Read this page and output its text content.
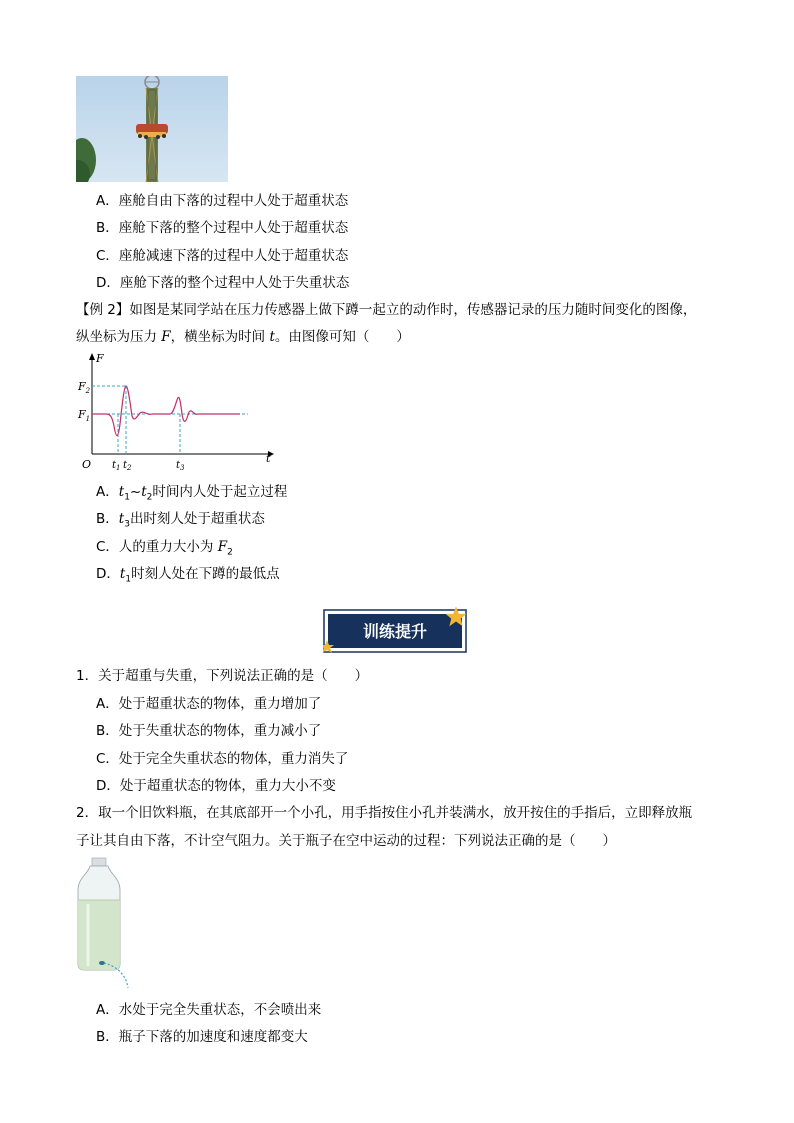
A．座舱自由下落的过程中人处于超重状态
B．座舱下落的整个过程中人处于超重状态
C．座舱减速下落的过程中人处于超重状态
D．座舱下落的整个过程中人处于失重状态
【例 2】如图是某同学站在压力传感器上做下蹲一起立的动作时，传感器记录的压力随时间变化的图像，
纵坐标为压力 F，横坐标为时间 t。由图像可知（　　）
$F_2$
$F_1$
F
t
O $t_1$ $t_2$	$t_3$
A．$t_1\sim t_2$时间内人处于起立过程
B．$t_3$出时刻人处于超重状态
C．人的重力大小为 $F_2$
D．$t_1$时刻人处在下蹲的最低点
训练提升
1．关于超重与失重，下列说法正确的是（　　）
A．处于超重状态的物体，重力增加了
B．处于失重状态的物体，重力减小了
C．处于完全失重状态的物体，重力消失了
D．处于超重状态的物体，重力大小不变
2．取一个旧饮料瓶，在其底部开一个小孔，用手指按住小孔并装满水，放开按住的手指后，立即释放瓶
子让其自由下落，不计空气阻力。关于瓶子在空中运动的过程：下列说法正确的是（　　）
A．水处于完全失重状态，不会喷出来
B．瓶子下落的加速度和速度都变大
